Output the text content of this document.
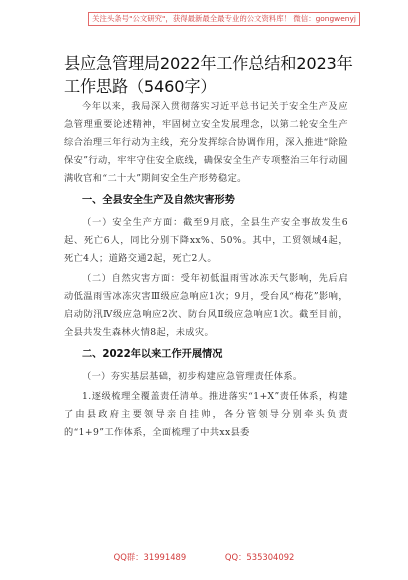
关注头条号"公文研究"，获得最新最全最专业的公文资料库！ 微信：gongwenyj
县应急管理局2022年工作总结和2023年工作思路（5460字）

今年以来，我局深入贯彻落实习近平总书记关于安全生产及应急管理重要论述精神，牢固树立安全发展理念，以第二轮安全生产综合治理三年行动为主线，充分发挥综合协调作用，深入推进“除险保安”行动，牢牢守住安全底线，确保安全生产专项整治三年行动圆满收官和“二十大”期间安全生产形势稳定。

一、全县安全生产及自然灾害形势

（一）安全生产方面：截至9月底，全县生产安全事故发生6起、死亡6人，同比分别下降xx%、50%。其中，工贸领域4起，死亡4人；道路交通2起，死亡2人。

（二）自然灾害方面：受年初低温雨雪冰冻天气影响，先后启动低温雨雪冰冻灾害Ⅲ级应急响应1次；9月，受台风“梅花”影响，启动防汛Ⅳ级应急响应2次、防台风Ⅱ级应急响应1次。截至目前，全县共发生森林火情8起，未成灾。

二、2022年以来工作开展情况

（一）夯实基层基础，初步构建应急管理责任体系。

1.逐级梳理全覆盖责任清单。推进落实“1+X”责任体系，构建了由县政府主要领导亲自挂帅，各分管领导分别牵头负责的“1+9”工作体系，全面梳理了中共xx县委

QQ群：31991489	QQ：535304092
